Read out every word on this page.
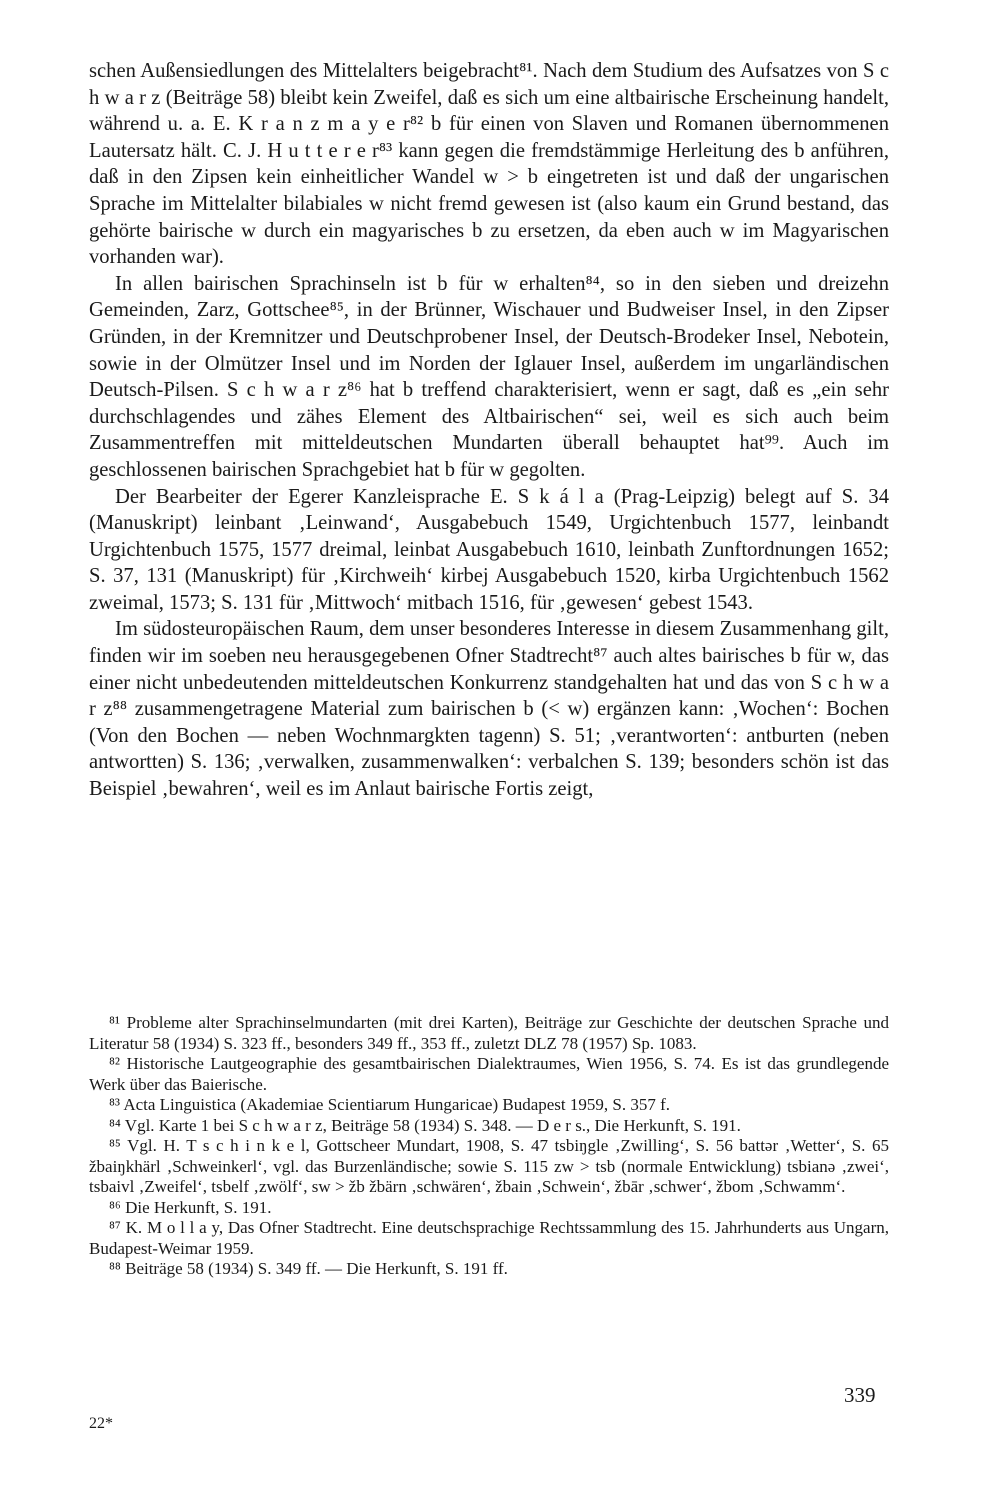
schen Außensiedlungen des Mittelalters beigebracht⁸¹. Nach dem Studium des Aufsatzes von S c h w a r z (Beiträge 58) bleibt kein Zweifel, daß es sich um eine altbairische Erscheinung handelt, während u. a. E. K r a n z m a y e r⁸² b für einen von Slaven und Romanen übernommenen Lautersatz hält. C. J. H u t t e r e r⁸³ kann gegen die fremdstämmige Herleitung des b anführen, daß in den Zipsen kein einheitlicher Wandel w > b eingetreten ist und daß der ungarischen Sprache im Mittelalter bilabiales w nicht fremd gewesen ist (also kaum ein Grund bestand, das gehörte bairische w durch ein magyarisches b zu ersetzen, da eben auch w im Magyarischen vorhanden war).

In allen bairischen Sprachinseln ist b für w erhalten⁸⁴, so in den sieben und dreizehn Gemeinden, Zarz, Gottschee⁸⁵, in der Brünner, Wischauer und Budweiser Insel, in den Zipser Gründen, in der Kremnitzer und Deutschprobener Insel, der Deutsch-Brodeker Insel, Nebotein, sowie in der Olmützer Insel und im Norden der Iglauer Insel, außerdem im ungarländischen Deutsch-Pilsen. S c h w a r z⁸⁶ hat b treffend charakterisiert, wenn er sagt, daß es „ein sehr durchschlagendes und zähes Element des Altbairischen“ sei, weil es sich auch beim Zusammentreffen mit mitteldeutschen Mundarten überall behauptet hat⁹⁹. Auch im geschlossenen bairischen Sprachgebiet hat b für w gegolten.

Der Bearbeiter der Egerer Kanzleisprache E. S k á l a (Prag-Leipzig) belegt auf S. 34 (Manuskript) leinbant ‚Leinwand‘, Ausgabebuch 1549, Urgichtenbuch 1577, leinbandt Urgichtenbuch 1575, 1577 dreimal, leinbat Ausgabebuch 1610, leinbath Zunftordnungen 1652; S. 37, 131 (Manuskript) für ‚Kirchweih‘ kirbej Ausgabebuch 1520, kirba Urgichtenbuch 1562 zweimal, 1573; S. 131 für ‚Mittwoch‘ mitbach 1516, für ‚gewesen‘ gebest 1543.

Im südosteuropäischen Raum, dem unser besonderes Interesse in diesem Zusammenhang gilt, finden wir im soeben neu herausgegebenen Ofner Stadtrecht⁸⁷ auch altes bairisches b für w, das einer nicht unbedeutenden mitteldeutschen Konkurrenz standgehalten hat und das von S c h w a r z⁸⁸ zusammengetragene Material zum bairischen b (< w) ergänzen kann: ‚Wochen‘: Bochen (Von den Bochen — neben Wochnmargkten tagenn) S. 51; ‚verantworten‘: antburten (neben antwortten) S. 136; ‚verwalken, zusammenwalken‘: verbalchen S. 139; besonders schön ist das Beispiel ‚bewahren‘, weil es im Anlaut bairische Fortis zeigt,

⁸¹ Probleme alter Sprachinselmundarten (mit drei Karten), Beiträge zur Geschichte der deutschen Sprache und Literatur 58 (1934) S. 323 ff., besonders 349 ff., 353 ff., zuletzt DLZ 78 (1957) Sp. 1083.

⁸² Historische Lautgeographie des gesamtbairischen Dialektraumes, Wien 1956, S. 74. Es ist das grundlegende Werk über das Baierische.

⁸³ Acta Linguistica (Akademiae Scientiarum Hungaricae) Budapest 1959, S. 357 f.

⁸⁴ Vgl. Karte 1 bei S c h w a r z, Beiträge 58 (1934) S. 348. — D e r s., Die Herkunft, S. 191.

⁸⁵ Vgl. H. T s c h i n k e l, Gottscheer Mundart, 1908, S. 47 tsbiŋgle ‚Zwilling‘, S. 56 battər ‚Wetter‘, S. 65 žbaiŋkhärl ‚Schweinkerl‘, vgl. das Burzenländische; sowie S. 115 zw > tsb (normale Entwicklung) tsbianə ‚zwei‘, tsbaivl ‚Zweifel‘, tsbelf ‚zwölf‘, sw > žb žbärn ‚schwären‘, žbain ‚Schwein‘, žbār ‚schwer‘, žbom ‚Schwamm‘.

⁸⁶ Die Herkunft, S. 191.

⁸⁷ K. M o l l a y, Das Ofner Stadtrecht. Eine deutschsprachige Rechtssammlung des 15. Jahrhunderts aus Ungarn, Budapest-Weimar 1959.

⁸⁸ Beiträge 58 (1934) S. 349 ff. — Die Herkunft, S. 191 ff.

22*
339
